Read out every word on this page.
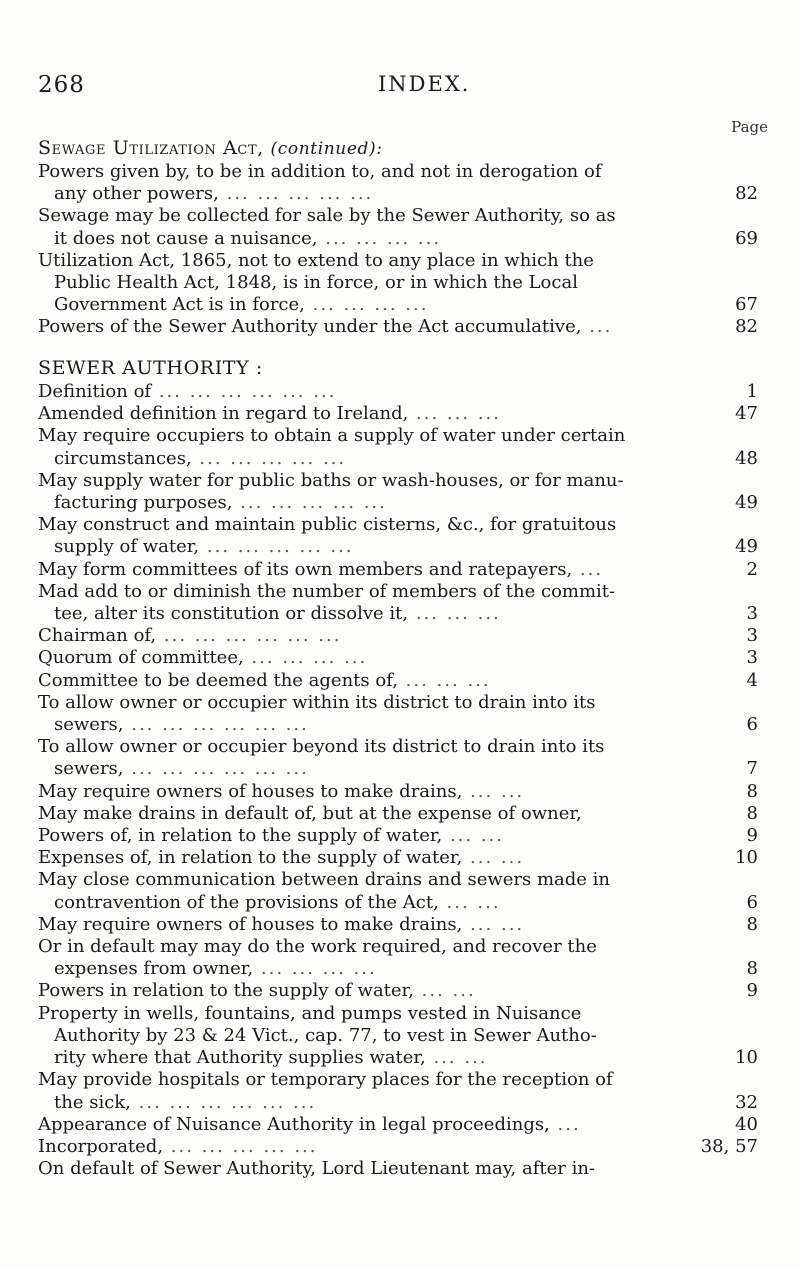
268	INDEX.
Page
Sewage Utilization Act, (continued):
Powers given by, to be in addition to, and not in derogation of
any other powers, ... ... ... ... ...	82
Sewage may be collected for sale by the Sewer Authority, so as
it does not cause a nuisance, ... ... ... ...	69
Utilization Act, 1865, not to extend to any place in which the
Public Health Act, 1848, is in force, or in which the Local
Government Act is in force, ... ... ... ...	67
Powers of the Sewer Authority under the Act accumulative, ...	82
SEWER AUTHORITY :
Definition of ... ... ... ... ... ...	1
Amended definition in regard to Ireland, ... ... ...	47
May require occupiers to obtain a supply of water under certain
circumstances, ... ... ... ... ...	48
May supply water for public baths or wash-houses, or for manu-
facturing purposes, ... ... ... ... ...	49
May construct and maintain public cisterns, &c., for gratuitous
supply of water, ... ... ... ... ...	49
May form committees of its own members and ratepayers, ...	2
Mad add to or diminish the number of members of the commit-
tee, alter its constitution or dissolve it, ... ... ...	3
Chairman of, ... ... ... ... ... ...	3
Quorum of committee, ... ... ... ...	3
Committee to be deemed the agents of, ... ... ...	4
To allow owner or occupier within its district to drain into its
sewers, ... ... ... ... ... ...	6
To allow owner or occupier beyond its district to drain into its
sewers, ... ... ... ... ... ...	7
May require owners of houses to make drains, ... ...	8
May make drains in default of, but at the expense of owner,	8
Powers of, in relation to the supply of water, ... ...	9
Expenses of, in relation to the supply of water, ... ...	10
May close communication between drains and sewers made in
contravention of the provisions of the Act, ... ...	6
May require owners of houses to make drains, ... ...	8
Or in default may may do the work required, and recover the
expenses from owner, ... ... ... ...	8
Powers in relation to the supply of water, ... ...	9
Property in wells, fountains, and pumps vested in Nuisance
Authority by 23 & 24 Vict., cap. 77, to vest in Sewer Autho-
rity where that Authority supplies water, ... ...	10
May provide hospitals or temporary places for the reception of
the sick, ... ... ... ... ... ...	32
Appearance of Nuisance Authority in legal proceedings, ...	40
Incorporated, ... ... ... ... ...	38, 57
On default of Sewer Authority, Lord Lieutenant may, after in-
